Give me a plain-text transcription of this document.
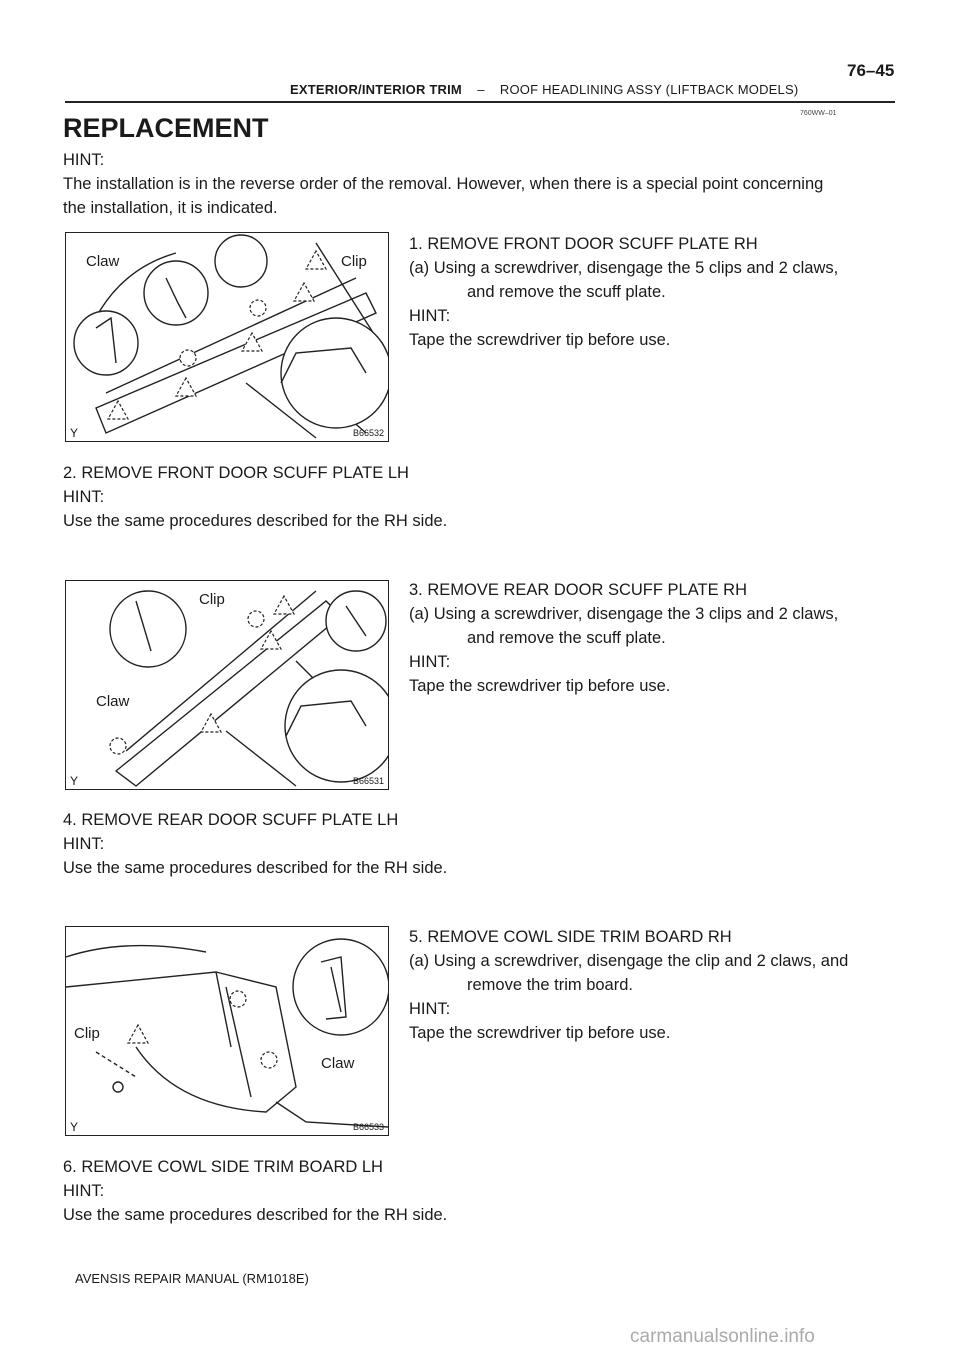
76–45
EXTERIOR/INTERIOR TRIM – ROOF HEADLINING ASSY (LIFTBACK MODELS)
760WW–01
REPLACEMENT
HINT:
The installation is in the reverse order of the removal. However, when there is a special point concerning
the installation, it is indicated.
Claw	Clip
Y	B66532
1. REMOVE FRONT DOOR SCUFF PLATE RH
(a) Using a screwdriver, disengage the 5 clips and 2 claws,
and remove the scuff plate.
HINT:
Tape the screwdriver tip before use.
2. REMOVE FRONT DOOR SCUFF PLATE LH
HINT:
Use the same procedures described for the RH side.
Clip
Claw
Y	B66531
3. REMOVE REAR DOOR SCUFF PLATE RH
(a) Using a screwdriver, disengage the 3 clips and 2 claws,
and remove the scuff plate.
HINT:
Tape the screwdriver tip before use.
4. REMOVE REAR DOOR SCUFF PLATE LH
HINT:
Use the same procedures described for the RH side.
Clip
Claw
Y	B66533
5. REMOVE COWL SIDE TRIM BOARD RH
(a) Using a screwdriver, disengage the clip and 2 claws, and
remove the trim board.
HINT:
Tape the screwdriver tip before use.
6. REMOVE COWL SIDE TRIM BOARD LH
HINT:
Use the same procedures described for the RH side.
AVENSIS REPAIR MANUAL (RM1018E)
carmanualsonline.info
